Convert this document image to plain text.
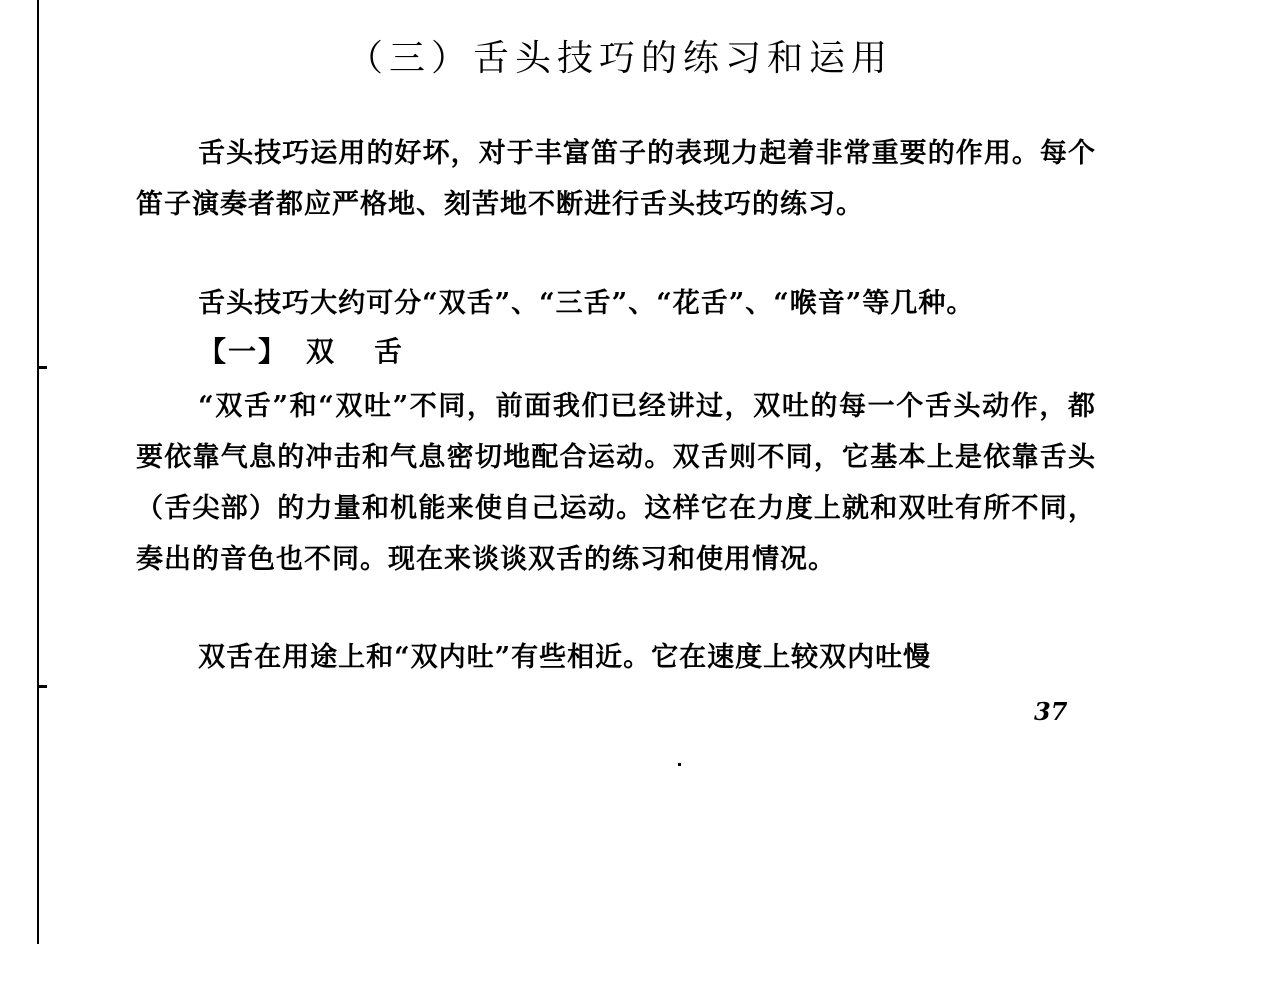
（三）舌头技巧的练习和运用
舌头技巧运用的好坏，对于丰富笛子的表现力起着非常重要的作用。每个笛子演奏者都应严格地、刻苦地不断进行舌头技巧的练习。
舌头技巧大约可分“双舌”、“三舌”、“花舌”、“喉音”等几种。
【一】 双舌
“双舌”和“双吐”不同，前面我们已经讲过，双吐的每一个舌头动作，都要依靠气息的冲击和气息密切地配合运动。双舌则不同，它基本上是依靠舌头（舌尖部）的力量和机能来使自己运动。这样它在力度上就和双吐有所不同，奏出的音色也不同。现在来谈谈双舌的练习和使用情况。
双舌在用途上和“双内吐”有些相近。它在速度上较双内吐慢
37
